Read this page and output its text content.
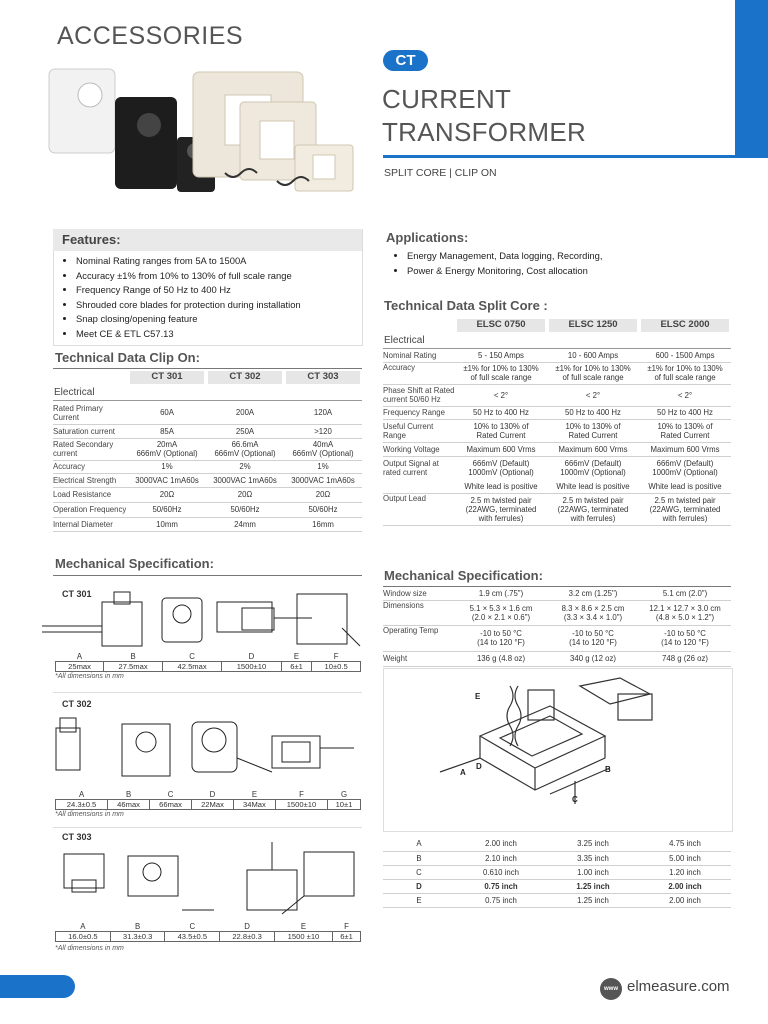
ACCESSORIES
CT
CURRENT
TRANSFORMER
SPLIT CORE | CLIP ON
Features:
• Nominal Rating ranges from 5A to 1500A
• Accuracy ±1% from 10% to 130% of full scale range
• Frequency Range of 50 Hz to 400 Hz
• Shrouded core blades for protection during installation
• Snap closing/opening feature
• Meet CE & ETL C57.13
Applications:
• Energy Management, Data logging, Recording,
• Power & Energy Monitoring, Cost allocation
Technical Data Clip On:

CT 301	CT 302	CT 303
Electrical
Rated Primary Current	60A	200A	120A
Saturation current	85A	250A	>120
Rated Secondary current	20mA
666mV (Optional)	66.6mA
666mV (Optional)	40mA
666mV (Optional)
Accuracy	1%	2%	1%
Electrical Strength	3000VAC 1mA60s	3000VAC 1mA60s	3000VAC 1mA60s
Load Resistance	20Ω	20Ω	20Ω
Operation Frequency	50/60Hz	50/60Hz	50/60Hz
Internal Diameter	10mm	24mm	16mm
Technical Data Split Core :

ELSC 0750	ELSC 1250	ELSC 2000
Electrical
Nominal Rating	5 - 150 Amps	10 - 600 Amps	600 - 1500 Amps
Accuracy	±1% for 10% to 130%
of full scale range	±1% for 10% to 130%
of full scale range	±1% for 10% to 130%
of full scale range
Phase Shift at Rated current 50/60 Hz	< 2°	< 2°	< 2°
Frequency Range	50 Hz to 400 Hz	50 Hz to 400 Hz	50 Hz to 400 Hz
Useful Current Range	10% to 130% of
Rated Current	10% to 130% of
Rated Current	10% to 130% of
Rated Current
Working Voltage	Maximum 600 Vrms	Maximum 600 Vrms	Maximum 600 Vrms
Output Signal at rated current	666mV (Default)
1000mV (Optional)	666mV (Default)
1000mV (Optional)	666mV (Default)
1000mV (Optional)
	White lead is positive	White lead is positive	White lead is positive
Output Lead	2.5 m twisted pair
(22AWG, terminated
with ferrules)	2.5 m twisted pair
(22AWG, terminated
with ferrules)	2.5 m twisted pair
(22AWG, terminated
with ferrules)
Mechanical Specification:
CT 301
A	B	C	D	E	F
25max	27.5max	42.5max	1500±10	6±1	10±0.5
*All dimensions in mm
CT 302
A	B	C	D	E	F	G
24.3±0.5	46max	66max	22Max	34Max	1500±10	10±1
*All dimensions in mm
CT 303
A	B	C	D	E	F
16.0±0.5	31.3±0.3	43.5±0.5	22.8±0.3	1500 ±10	6±1
*All dimensions in mm
Mechanical Specification:
Window size	1.9 cm (.75")	3.2 cm (1.25")	5.1 cm (2.0")
Dimensions	5.1 × 5.3 × 1.6 cm
(2.0 × 2.1 × 0.6")	8.3 × 8.6 × 2.5 cm
(3.3 × 3.4 × 1.0")	12.1 × 12.7 × 3.0 cm
(4.8 × 5.0 × 1.2")
Operating Temp	-10 to 50 °C
(14 to 120 °F)	-10 to 50 °C
(14 to 120 °F)	-10 to 50 °C
(14 to 120 °F)
Weight	136 g (4.8 oz)	340 g (12 oz)	748 g (26 oz)
E
A
D	B
C
A	2.00 inch	3.25 inch	4.75 inch
B	2.10 inch	3.35 inch	5.00 inch
C	0.610 inch	1.00 inch	1.20 inch
D	0.75 inch	1.25 inch	2.00 inch
E	0.75 inch	1.25 inch	2.00 inch
www elmeasure.com
